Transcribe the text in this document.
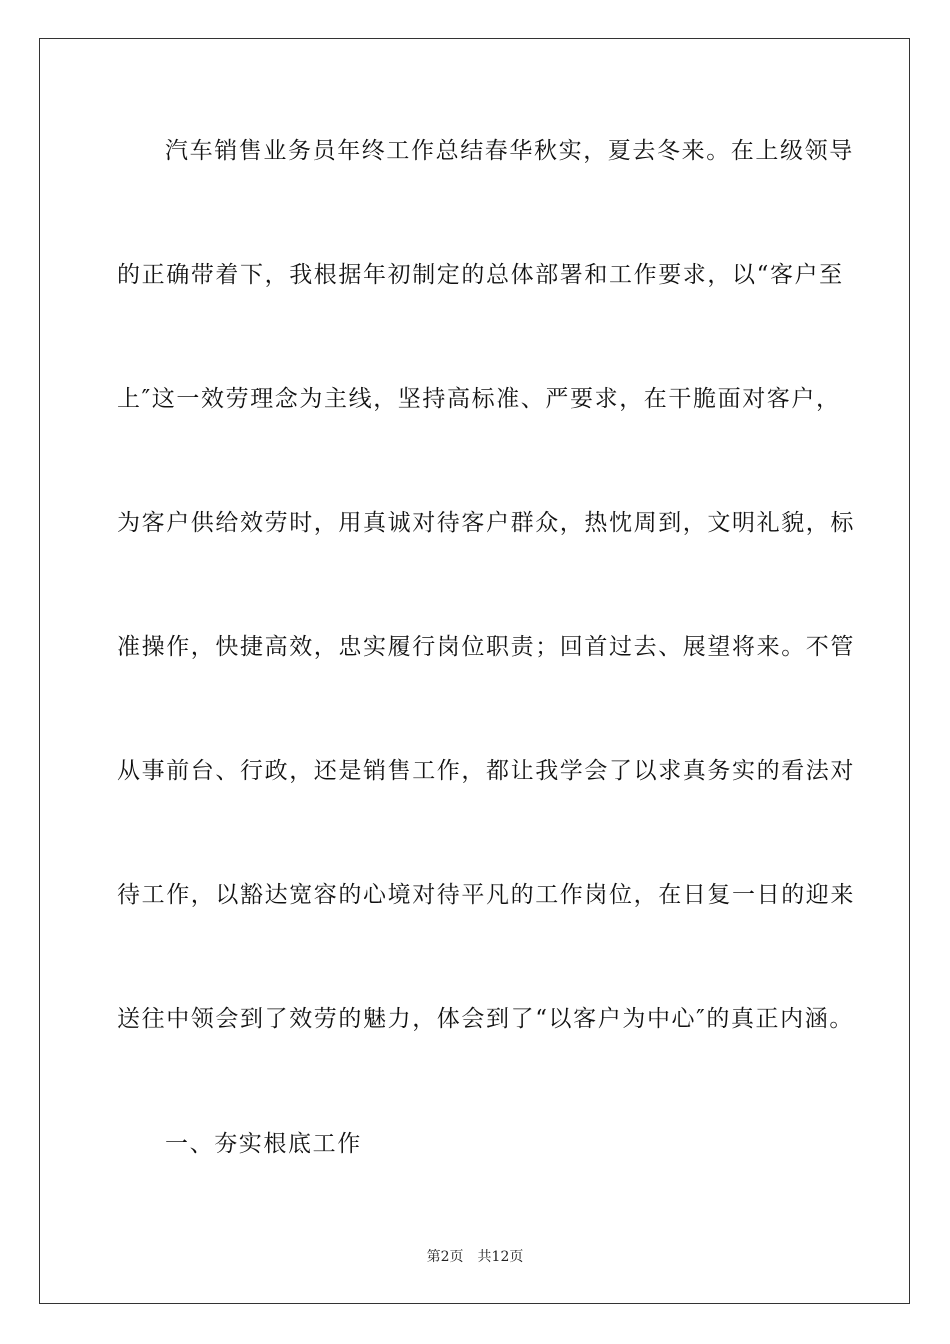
汽车销售业务员年终工作总结春华秋实，夏去冬来。在上级领导
的正确带着下，我根据年初制定的总体部署和工作要求，以“客户至
上″这一效劳理念为主线，坚持高标准、严要求，在干脆面对客户，
为客户供给效劳时，用真诚对待客户群众，热忱周到，文明礼貌，标
准操作，快捷高效，忠实履行岗位职责；回首过去、展望将来。不管
从事前台、行政，还是销售工作，都让我学会了以求真务实的看法对
待工作，以豁达宽容的心境对待平凡的工作岗位，在日复一日的迎来
送往中领会到了效劳的魅力，体会到了“以客户为中心″的真正内涵。
一、夯实根底工作
第2页 共12页
